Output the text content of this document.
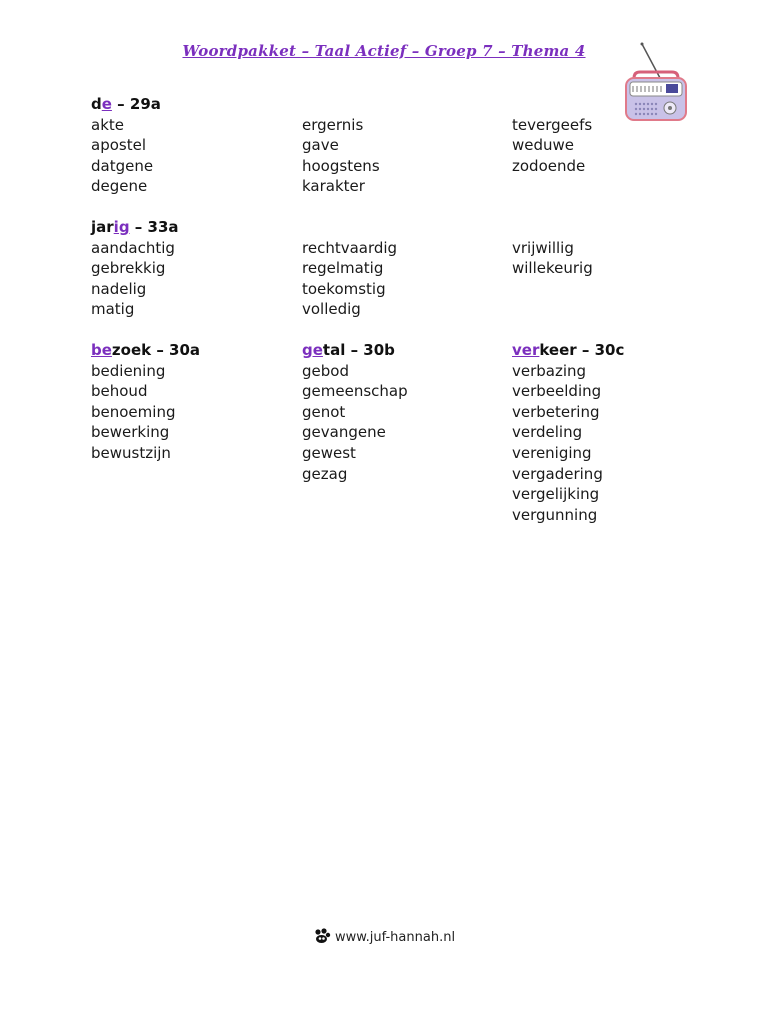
Woordpakket – Taal Actief – Groep 7 – Thema 4
de – 29a
akte
apostel
datgene
degene
ergernis
gave
hoogstens
karakter
tevergeefs
weduwe
zodoende
jarig – 33a
aandachtig
gebrekkig
nadelig
matig
rechtvaardig
regelmatig
toekomstig
volledig
vrijwillig
willekeurig
bezoek – 30a
bediening
behoud
benoeming
bewerking
bewustzijn
getal – 30b
gebod
gemeenschap
genot
gevangene
gewest
gezag
verkeer – 30c
verbazing
verbeelding
verbetering
verdeling
vereniging
vergadering
vergelijking
vergunning
www.juf-hannah.nl
